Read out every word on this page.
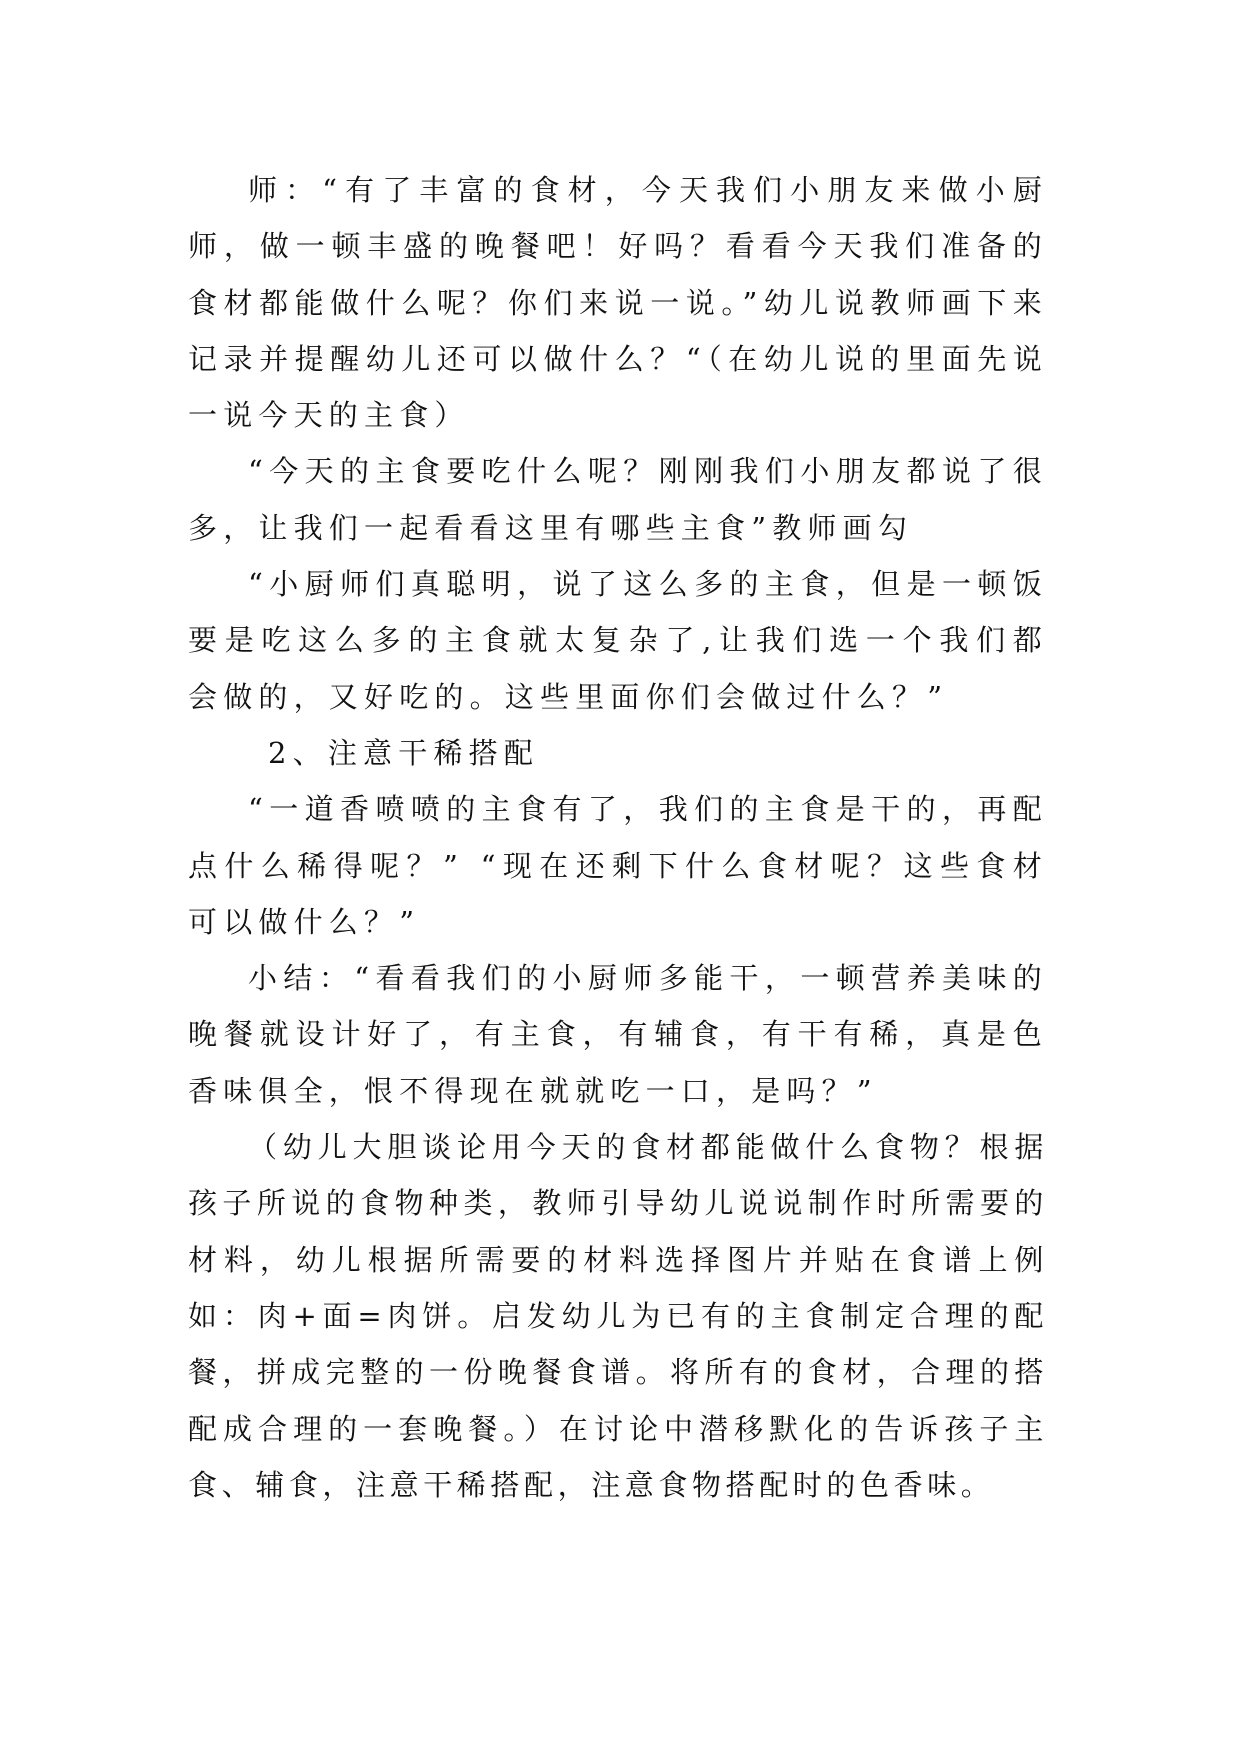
师：“有了丰富的食材，今天我们小朋友来做小厨师，做一顿丰盛的晚餐吧！好吗？看看今天我们准备的食材都能做什么呢？你们来说一说。”幼儿说教师画下来记录并提醒幼儿还可以做什么？“（在幼儿说的里面先说一说今天的主食）

“今天的主食要吃什么呢？刚刚我们小朋友都说了很多，让我们一起看看这里有哪些主食”教师画勾

“小厨师们真聪明，说了这么多的主食，但是一顿饭要是吃这么多的主食就太复杂了,让我们选一个我们都会做的，又好吃的。这些里面你们会做过什么？”

2、注意干稀搭配

“一道香喷喷的主食有了，我们的主食是干的，再配点什么稀得呢？” “现在还剩下什么食材呢？这些食材可以做什么？”

小结：“看看我们的小厨师多能干，一顿营养美味的晚餐就设计好了，有主食，有辅食，有干有稀，真是色香味俱全，恨不得现在就就吃一口，是吗？”

（幼儿大胆谈论用今天的食材都能做什么食物？根据孩子所说的食物种类，教师引导幼儿说说制作时所需要的材料，幼儿根据所需要的材料选择图片并贴在食谱上例如：肉+面=肉饼。启发幼儿为已有的主食制定合理的配餐，拼成完整的一份晚餐食谱。将所有的食材，合理的搭配成合理的一套晚餐。）在讨论中潜移默化的告诉孩子主食、辅食，注意干稀搭配，注意食物搭配时的色香味。
